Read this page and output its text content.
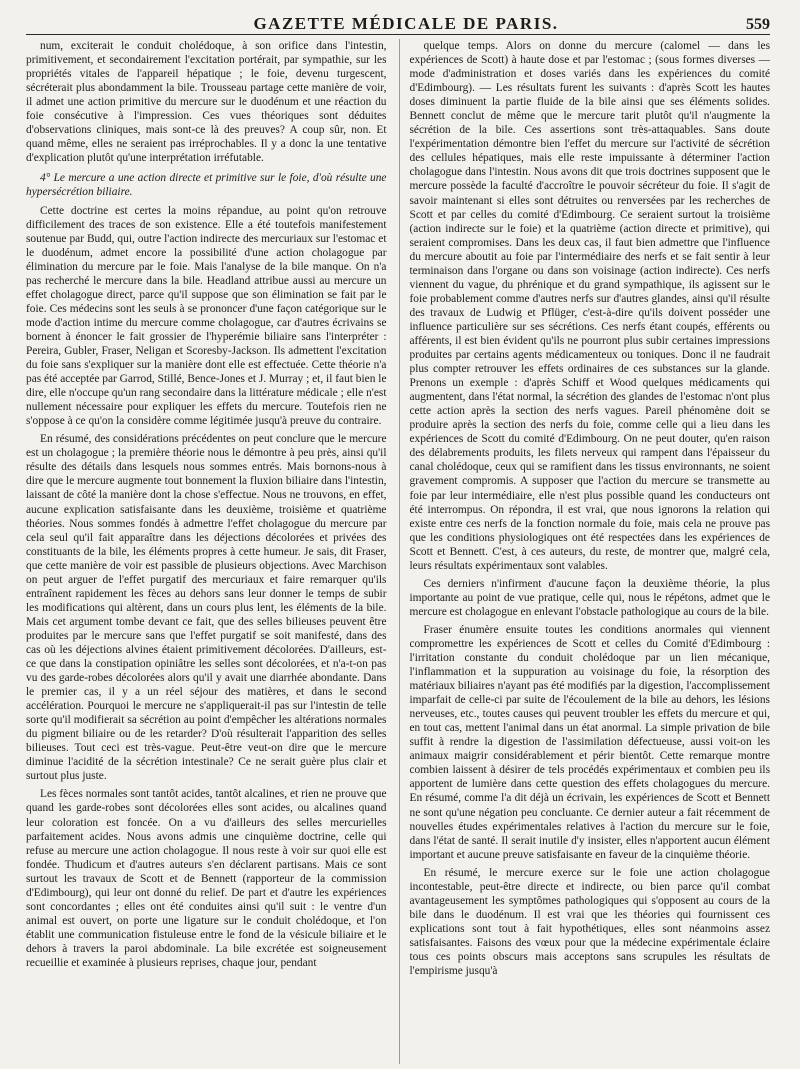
GAZETTE MÉDICALE DE PARIS.	559

num, exciterait le conduit cholédoque, à son orifice dans l'intestin, primitivement, et secondairement l'excitation portérait, par sympathie, sur les propriétés vitales de l'appareil hépatique ; le foie, devenu turgescent, sécréterait plus abondamment la bile. Trousseau partage cette manière de voir, il admet une action primitive du mercure sur le duodénum et une réaction du foie consécutive à l'impression. Ces vues théoriques sont déduites d'observations cliniques, mais sont-ce là des preuves? A coup sûr, non. Et quand même, elles ne seraient pas irréprochables. Il y a donc la une tentative d'explication plutôt qu'une interprétation irréfutable.

4° Le mercure a une action directe et primitive sur le foie, d'où résulte une hypersécrétion biliaire.

Cette doctrine est certes la moins répandue, au point qu'on retrouve difficilement des traces de son existence. Elle a été toutefois manifestement soutenue par Budd, qui, outre l'action indirecte des mercuriaux sur l'estomac et le duodénum, admet encore la possibilité d'une action cholagogue par élimination du mercure par le foie. Mais l'analyse de la bile manque. On n'a pas recherché le mercure dans la bile. Headland attribue aussi au mercure un effet cholagogue direct, parce qu'il suppose que son élimination se fait par le foie. Ces médecins sont les seuls à se prononcer d'une façon catégorique sur le mode d'action intime du mercure comme cholagogue, car d'autres écrivains se bornent à énoncer le fait grossier de l'hyperémie biliaire sans l'interpréter : Pereira, Gubler, Fraser, Neligan et Scoresby-Jackson. Ils admettent l'excitation du foie sans s'expliquer sur la manière dont elle est effectuée. Cette théorie n'a pas été acceptée par Garrod, Stillé, Bence-Jones et J. Murray ; et, il faut bien le dire, elle n'occupe qu'un rang secondaire dans la littérature médicale ; elle n'est nullement nécessaire pour expliquer les effets du mercure. Toutefois rien ne s'oppose à ce qu'on la considère comme légitimée jusqu'à preuve du contraire.

En résumé, des considérations précédentes on peut conclure que le mercure est un cholagogue ; la première théorie nous le démontre à peu près, ainsi qu'il résulte des détails dans lesquels nous sommes entrés. Mais bornons-nous à dire que le mercure augmente tout bonnement la fluxion biliaire dans l'intestin, laissant de côté la manière dont la chose s'effectue. Nous ne trouvons, en effet, aucune explication satisfaisante dans les deuxième, troisième et quatrième théories. Nous sommes fondés à admettre l'effet cholagogue du mercure par cela seul qu'il fait apparaître dans les déjections décolorées et privées des constituants de la bile, les éléments propres à cette humeur. Je sais, dit Fraser, que cette manière de voir est passible de plusieurs objections. Avec Marchison on peut arguer de l'effet purgatif des mercuriaux et faire remarquer qu'ils entraînent rapidement les fèces au dehors sans leur donner le temps de subir les modifications qui altèrent, dans un cours plus lent, les éléments de la bile. Mais cet argument tombe devant ce fait, que des selles bilieuses peuvent être produites par le mercure sans que l'effet purgatif se soit manifesté, dans des cas où les déjections alvines étaient primitivement décolorées. D'ailleurs, est-ce que dans la constipation opiniâtre les selles sont décolorées, et n'a-t-on pas vu des garde-robes décolorées alors qu'il y avait une diarrhée abondante. Dans le premier cas, il y a un réel séjour des matières, et dans le second accélération. Pourquoi le mercure ne s'appliquerait-il pas sur l'intestin de telle sorte qu'il modifierait sa sécrétion au point d'empêcher les altérations normales du pigment biliaire ou de les retarder? D'où résulterait l'apparition des selles bilieuses. Tout ceci est très-vague. Peut-être veut-on dire que le mercure diminue l'acidité de la sécrétion intestinale? Ce ne serait guère plus clair et surtout plus juste.

Les fèces normales sont tantôt acides, tantôt alcalines, et rien ne prouve que quand les garde-robes sont décolorées elles sont acides, ou alcalines quand leur coloration est foncée. On a vu d'ailleurs des selles mercurielles parfaitement acides. Nous avons admis une cinquième doctrine, celle qui refuse au mercure une action cholagogue. Il nous reste à voir sur quoi elle est fondée. Thudicum et d'autres auteurs s'en déclarent partisans. Mais ce sont surtout les travaux de Scott et de Bennett (rapporteur de la commission d'Edimbourg), qui leur ont donné du relief. De part et d'autre les expériences sont concordantes ; elles ont été conduites ainsi qu'il suit : le ventre d'un animal est ouvert, on porte une ligature sur le conduit cholédoque, et l'on établit une communication fistuleuse entre le fond de la vésicule biliaire et le dehors à travers la paroi abdominale. La bile excrétée est soigneusement recueillie et examinée à plusieurs reprises, chaque jour, pendant

quelque temps. Alors on donne du mercure (calomel — dans les expériences de Scott) à haute dose et par l'estomac ; (sous formes diverses — mode d'administration et doses variés dans les expériences du comité d'Edimbourg). — Les résultats furent les suivants : d'après Scott les hautes doses diminuent la partie fluide de la bile ainsi que ses éléments solides. Bennett conclut de même que le mercure tarit plutôt qu'il n'augmente la sécrétion de la bile. Ces assertions sont très-attaquables. Sans doute l'expérimentation démontre bien l'effet du mercure sur l'activité de sécrétion des cellules hépatiques, mais elle reste impuissante à déterminer l'action cholagogue dans l'intestin. Nous avons dit que trois doctrines supposent que le mercure possède la faculté d'accroître le pouvoir sécréteur du foie. Il s'agit de savoir maintenant si elles sont détruites ou renversées par les recherches de Scott et par celles du comité d'Edimbourg. Ce seraient surtout la troisième (action indirecte sur le foie) et la quatrième (action directe et primitive), qui seraient compromises. Dans les deux cas, il faut bien admettre que l'influence du mercure aboutit au foie par l'intermédiaire des nerfs et se fait sentir à leur terminaison dans l'organe ou dans son voisinage (action indirecte). Ces nerfs viennent du vague, du phrénique et du grand sympathique, ils agissent sur le foie probablement comme d'autres nerfs sur d'autres glandes, ainsi qu'il résulte des travaux de Ludwig et Pflüger, c'est-à-dire qu'ils doivent posséder une influence particulière sur ses sécrétions. Ces nerfs étant coupés, efférents ou afférents, il est bien évident qu'ils ne pourront plus subir certaines impressions produites par certains agents médicamenteux ou toniques. Donc il ne faudrait plus compter retrouver les effets ordinaires de ces substances sur la glande. Prenons un exemple : d'après Schiff et Wood quelques médicaments qui augmentent, dans l'état normal, la sécrétion des glandes de l'estomac n'ont plus cette action après la section des nerfs vagues. Pareil phénomène doit se produire après la section des nerfs du foie, comme celle qui a lieu dans les expériences de Scott du comité d'Edimbourg. On ne peut douter, qu'en raison des délabrements produits, les filets nerveux qui rampent dans l'épaisseur du canal cholédoque, ceux qui se ramifient dans les tissus environnants, ne soient gravement compromis. A supposer que l'action du mercure se transmette au foie par leur intermédiaire, elle n'est plus possible quand les conducteurs ont été interrompus. On répondra, il est vrai, que nous ignorons la relation qui existe entre ces nerfs de la fonction normale du foie, mais cela ne prouve pas que les conditions physiologiques ont été respectées dans les expériences de Scott et Bennett. C'est, à ces auteurs, du reste, de montrer que, malgré cela, leurs résultats expérimentaux sont valables.

Ces derniers n'infirment d'aucune façon la deuxième théorie, la plus importante au point de vue pratique, celle qui, nous le répétons, admet que le mercure est cholagogue en enlevant l'obstacle pathologique au cours de la bile.

Fraser énumère ensuite toutes les conditions anormales qui viennent compromettre les expériences de Scott et celles du Comité d'Edimbourg : l'irritation constante du conduit cholédoque par un lien mécanique, l'inflammation et la suppuration au voisinage du foie, la résorption des matériaux biliaires n'ayant pas été modifiés par la digestion, l'accomplissement imparfait de celle-ci par suite de l'écoulement de la bile au dehors, les lésions nerveuses, etc., toutes causes qui peuvent troubler les effets du mercure et qui, en tout cas, mettent l'animal dans un état anormal. La simple privation de bile suffit à rendre la digestion de l'assimilation défectueuse, aussi voit-on les animaux maigrir considérablement et périr bientôt. Cette remarque montre combien laissent à désirer de tels procédés expérimentaux et combien peu ils apportent de lumière dans cette question des effets cholagogues du mercure. En résumé, comme l'a dit déjà un écrivain, les expériences de Scott et Bennett ne sont qu'une négation peu concluante. Ce dernier auteur a fait récemment de nouvelles études expérimentales relatives à l'action du mercure sur le foie, dans l'état de santé. Il serait inutile d'y insister, elles n'apportent aucun élément important et aucune preuve satisfaisante en faveur de la cinquième théorie.

En résumé, le mercure exerce sur le foie une action cholagogue incontestable, peut-être directe et indirecte, ou bien parce qu'il combat avantageusement les symptômes pathologiques qui s'opposent au cours de la bile dans le duodénum. Il est vrai que les théories qui fournissent ces explications sont tout à fait hypothétiques, elles sont néanmoins assez satisfaisantes. Faisons des vœux pour que la médecine expérimentale éclaire tous ces points obscurs mais acceptons sans scrupules les résultats de l'empirisme jusqu'à
